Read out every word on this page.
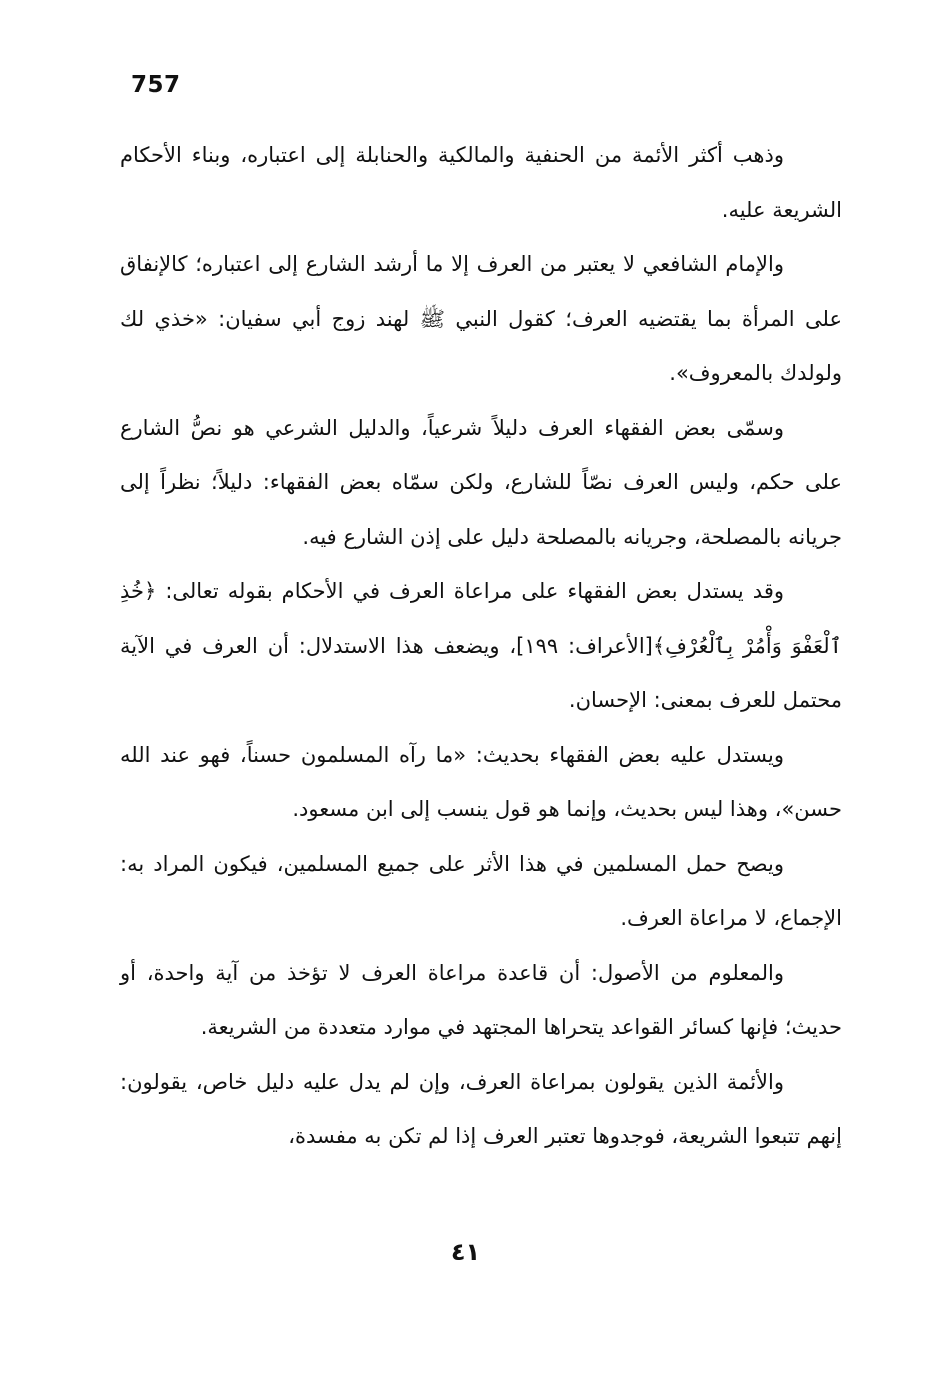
757

وذهب أكثر الأئمة من الحنفية والمالكية والحنابلة إلى اعتباره، وبناء الأحكام الشريعة عليه.

والإمام الشافعي لا يعتبر من العرف إلا ما أرشد الشارع إلى اعتباره؛ كالإنفاق على المرأة بما يقتضيه العرف؛ كقول النبي ﷺ لهند زوج أبي سفيان: «خذي لك ولولدك بالمعروف».

وسمّى بعض الفقهاء العرف دليلاً شرعياً، والدليل الشرعي هو نصُّ الشارع على حكم، وليس العرف نصّاً للشارع، ولكن سمّاه بعض الفقهاء: دليلاً؛ نظراً إلى جريانه بالمصلحة، وجريانه بالمصلحة دليل على إذن الشارع فيه.

وقد يستدل بعض الفقهاء على مراعاة العرف في الأحكام بقوله تعالى: ﴿خُذِ ٱلْعَفْوَ وَأْمُرْ بِٱلْعُرْفِ﴾[الأعراف: ١٩٩]، ويضعف هذا الاستدلال: أن العرف في الآية محتمل للعرف بمعنى: الإحسان.

ويستدل عليه بعض الفقهاء بحديث: «ما رآه المسلمون حسناً، فهو عند الله حسن»، وهذا ليس بحديث، وإنما هو قول ينسب إلى ابن مسعود.

ويصح حمل المسلمين في هذا الأثر على جميع المسلمين، فيكون المراد به: الإجماع، لا مراعاة العرف.

والمعلوم من الأصول: أن قاعدة مراعاة العرف لا تؤخذ من آية واحدة، أو حديث؛ فإنها كسائر القواعد يتحراها المجتهد في موارد متعددة من الشريعة.

والأئمة الذين يقولون بمراعاة العرف، وإن لم يدل عليه دليل خاص، يقولون: إنهم تتبعوا الشريعة، فوجدوها تعتبر العرف إذا لم تكن به مفسدة،

٤١
